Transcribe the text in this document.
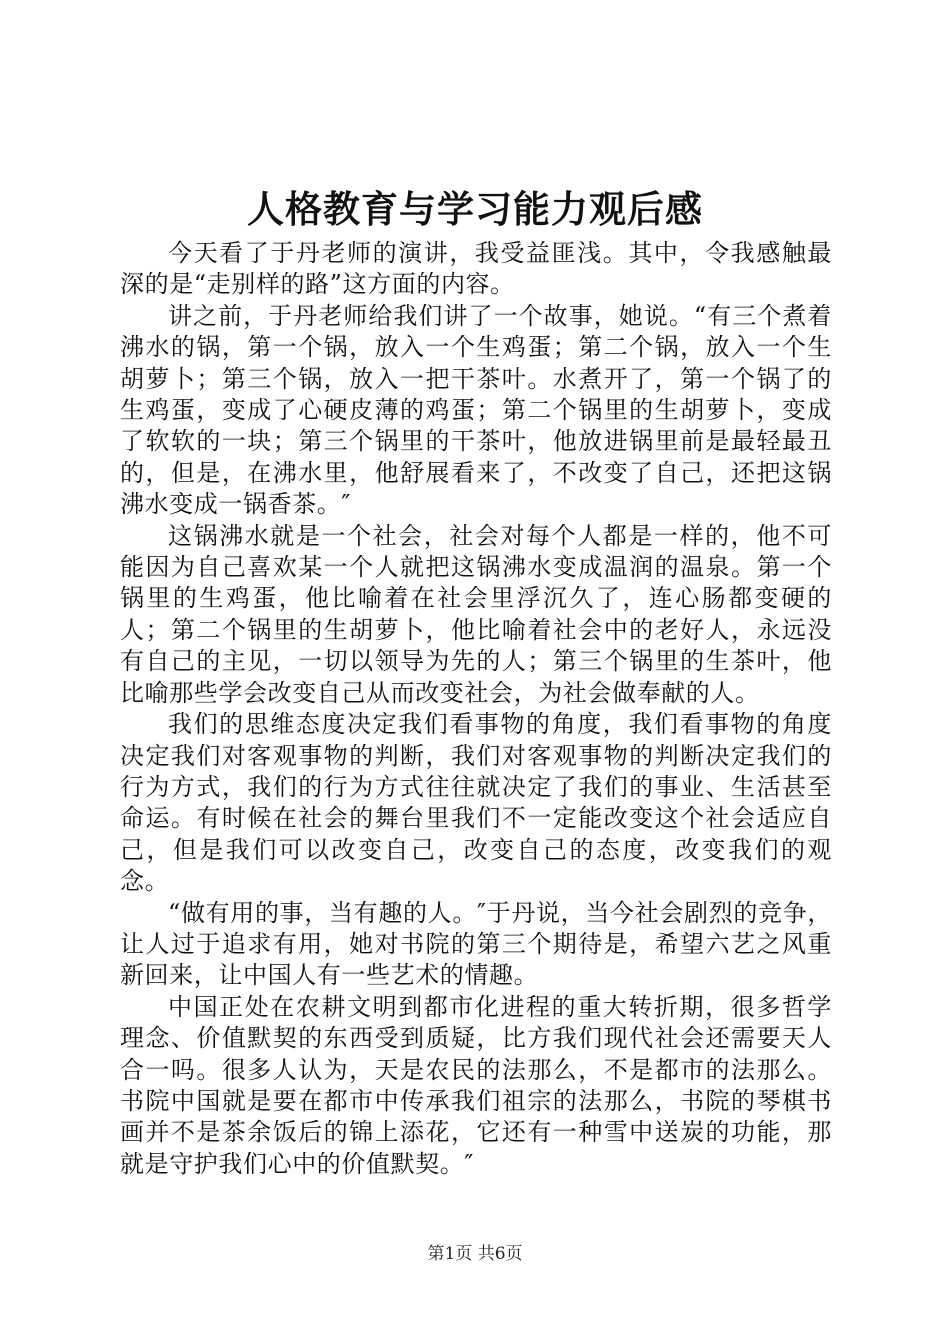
人格教育与学习能力观后感

今天看了于丹老师的演讲，我受益匪浅。其中，令我感触最深的是“走别样的路”这方面的内容。

讲之前，于丹老师给我们讲了一个故事，她说。“有三个煮着沸水的锅，第一个锅，放入一个生鸡蛋；第二个锅，放入一个生胡萝卜；第三个锅，放入一把干茶叶。水煮开了，第一个锅了的生鸡蛋，变成了心硬皮薄的鸡蛋；第二个锅里的生胡萝卜，变成了软软的一块；第三个锅里的干茶叶，他放进锅里前是最轻最丑的，但是，在沸水里，他舒展看来了，不改变了自己，还把这锅沸水变成一锅香茶。″

这锅沸水就是一个社会，社会对每个人都是一样的，他不可能因为自己喜欢某一个人就把这锅沸水变成温润的温泉。第一个锅里的生鸡蛋，他比喻着在社会里浮沉久了，连心肠都变硬的人；第二个锅里的生胡萝卜，他比喻着社会中的老好人，永远没有自己的主见，一切以领导为先的人；第三个锅里的生茶叶，他比喻那些学会改变自己从而改变社会，为社会做奉献的人。

我们的思维态度决定我们看事物的角度，我们看事物的角度决定我们对客观事物的判断，我们对客观事物的判断决定我们的行为方式，我们的行为方式往往就决定了我们的事业、生活甚至命运。有时候在社会的舞台里我们不一定能改变这个社会适应自己，但是我们可以改变自己，改变自己的态度，改变我们的观念。

“做有用的事，当有趣的人。″于丹说，当今社会剧烈的竞争，让人过于追求有用，她对书院的第三个期待是，希望六艺之风重新回来，让中国人有一些艺术的情趣。

中国正处在农耕文明到都市化进程的重大转折期，很多哲学理念、价值默契的东西受到质疑，比方我们现代社会还需要天人合一吗。很多人认为，天是农民的法那么，不是都市的法那么。书院中国就是要在都市中传承我们祖宗的法那么，书院的琴棋书画并不是茶余饭后的锦上添花，它还有一种雪中送炭的功能，那就是守护我们心中的价值默契。″

第1页 共6页
